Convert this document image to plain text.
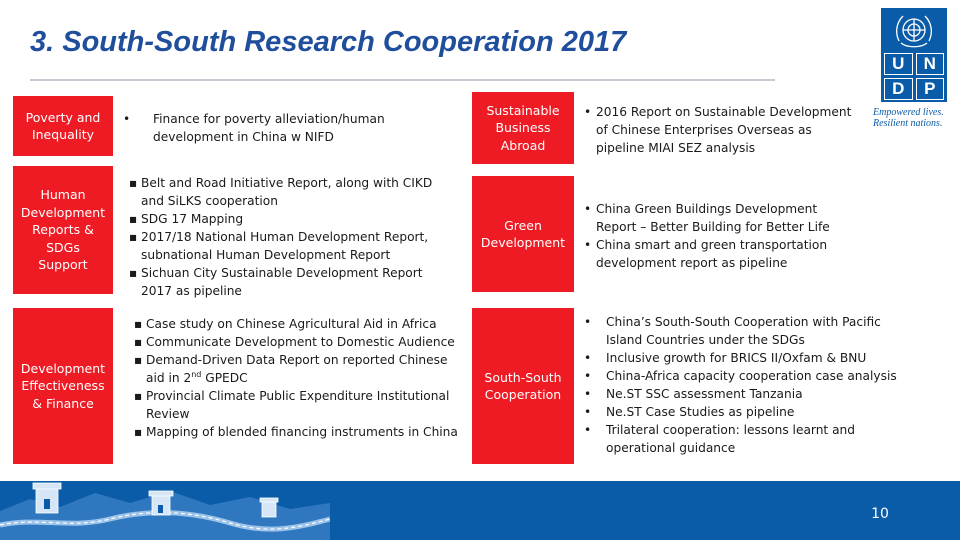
3. South-South Research Cooperation 2017
U	N
D	P
Empowered lives.
Resilient nations.
Poverty and
Inequality
• Finance for poverty alleviation/human development in China w NIFD
Human
Development
Reports &
SDGs Support
▪ Belt and Road Initiative Report, along with CIKD and SiLKS cooperation
▪ SDG 17 Mapping
▪ 2017/18 National Human Development Report, subnational Human Development Report
▪ Sichuan City Sustainable Development Report 2017 as pipeline
Development
Effectiveness
& Finance
▪ Case study on Chinese Agricultural Aid in Africa
▪ Communicate Development to Domestic Audience
▪ Demand-Driven Data Report on reported Chinese aid in 2nd GPEDC
▪ Provincial Climate Public Expenditure Institutional Review
▪ Mapping of blended financing instruments in China
Sustainable
Business
Abroad
• 2016 Report on Sustainable Development of Chinese Enterprises Overseas as pipeline MIAI SEZ analysis
Green
Development
• China Green Buildings Development Report – Better Building for Better Life
• China smart and green transportation development report as pipeline
South-South
Cooperation
• China’s South-South Cooperation with Pacific Island Countries under the SDGs
• Inclusive growth for BRICS II/Oxfam & BNU
• China-Africa capacity cooperation case analysis
• Ne.ST SSC assessment Tanzania
• Ne.ST Case Studies as pipeline
• Trilateral cooperation: lessons learnt and operational guidance
10
